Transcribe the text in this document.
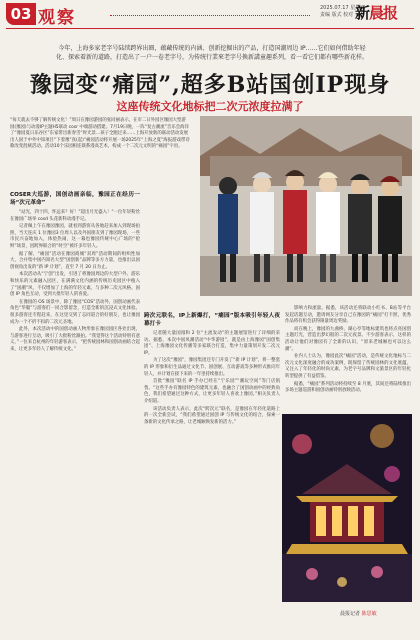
03 观察	2025.07.17 星期四
责编 版式 校对 新晨报
今年，上海多家老字号陆续跨界出圈，蕴藏传统的内涵、创新挖掘出的产品，打造国潮周边 IP……它们如何借助年轻化、探索着新的道路，打造出了一户一卷老字号，为传统行業來老字号換新講童趣系列，看一看它们都有哪些新花样。
豫园变“痛园”,超多B站国创IP现身
这座传统文化地标把二次元浓度拉满了
“每天就去不够了解传统文化！”周日在豫园游园的张同丽表示，在市二日外园区伽园大型游园(豫园)与动漫IP主题H5联动 cosr 中端游动搭建。7月19日晚，一阵“复古潮流”音乐会海洋了“豫园夏日乐谷区”东家带出新春雪“时光景…孩子全跑过来……上海开放新的联动活动发展出人国于中外中知项目“下着豫”真(起)“痛园活动将开展一场2025年“上海之夏”海报游戏带诗歌改变混统活动。活动10个乐园相连联系漫高艺术，构成一个二次元文明的“痛园”宇宙。
COSER大巡游，国创动画亲临，豫园正在经历一场“次元革命”
“站光，四十四，怀远来？好！”超出月光盛入！“一位年轻粉丝在豫园广场举 cosd 头花新科动漫手记。
记者佩上午在豫园豫园，就看到游客从各地赶来加入到现场拍照，当天连庆 1 位豫园3 位周人以及外国朋友到了豫园现场，一些市民兴奋地加入，体验热闹，这一幕也豫园传统中心广场的“抢鲜”场景，因跨界联合的“时空”被许多年轻人。
据了解，“痛园”活动在豫园商城“双周”活动期间的组织性加大，合并集中国内知名大型“国创新”品牌等多方力量，也推出以国创视角出发的“新 IP 计划”，直至 7 月 20 日为止。
本次活动从“宁创”出发，引进了将豫园周边的大型户外、游乐和快乐的元素融入园区，在满满文化内涵的传统历史园区中植入了“国潮”风，不仅增加了上海的年轻元素，与多种二次元风格、国创 IP 角色互动，受到大批年轻人的喜爱。
在豫园的 OS 场景中，除了豫园“COS”活动外，国创动画代表角色“华服”与游客们一同合影留念，打造全新的沉浸式文化体验。很多游客还专程赶来，在这里交到了志同道合的好朋友，也让豫园成为一个不折不扣的二次元圣地。
此外，本次活动中的国创动画人物形象在豫园园区各处出现，与游客进行互动，吸引了大批粉丝跟拍。“我觉得这个活动特别有意义，”一位来自杭州的年轻游客表示，“把传统园林和国创动画结合起来，让更多年轻人了解传统文化。”
跨次元联名，IP上新爆打，“痛园”版本吸引年轻人夜幕打卡
记者随大量国漫和 2 位“主流发动”的主题展馆进行了详细的采访。据悉，本次中国风潮活动“中华游园”，就是由上海豫园“国创集团”、上海豫园文化传播等多家联合打造，集中力量策划开发二次元 IP。
为了这次“豫园”，豫园集团还专门开发了“新 IP 计划”，将一整套的 IP 形象和衍生品通过文化节、国创展、互动游戏等多种形式推向年轻人，并计划在接下来的一年里持续推出。
首批“豫园”联名 IP 手办已经在“宁乐园”“潮玩空间”等门店销售。“这些手办有豫园特色的建筑元素，也融合了国创动画中的经典角色，我们希望通过这种方式，让更多年轻人喜欢上豫园。”相关负责人介绍道。
该活动负责人表示，此次“跨次元”联名，是豫园在年轻化道路上的一次全新尝试，“我们希望通过国创 IP 与传统文化的结合，探索一条新的文化传承之路，让老城厢焕发新的活力。”
影响力和流量。据悉，该活动还将联动小红书、B站等平台发起话题互动，邀请网友分享自己在豫园的“痛园”打卡照，优秀作品将有机会获得限量周边奖励。
而在晚上，豫园的九曲桥、湖心亭等地标建筑也将点亮国创主题灯光，营造出梦幻般的二次元夜景。不少游客表示，这样的活动让他们对豫园有了全新的认识，“原来老城厢也可以这么潮”。
业内人士认为，豫园此次“痛园”活动，是传统文化地标与二次元文化深度融合的成功案例，既保留了传统园林的文化底蕴，又注入了年轻化的时尚元素，为老字号品牌和文旅景区的年轻化转型提供了有益借鉴。
据悉，“痛园”系列活动将持续至 8 月底，其间还将陆续推出多场主题巡游和国创动画特别放映活动。
晨报记者 陈思敏
